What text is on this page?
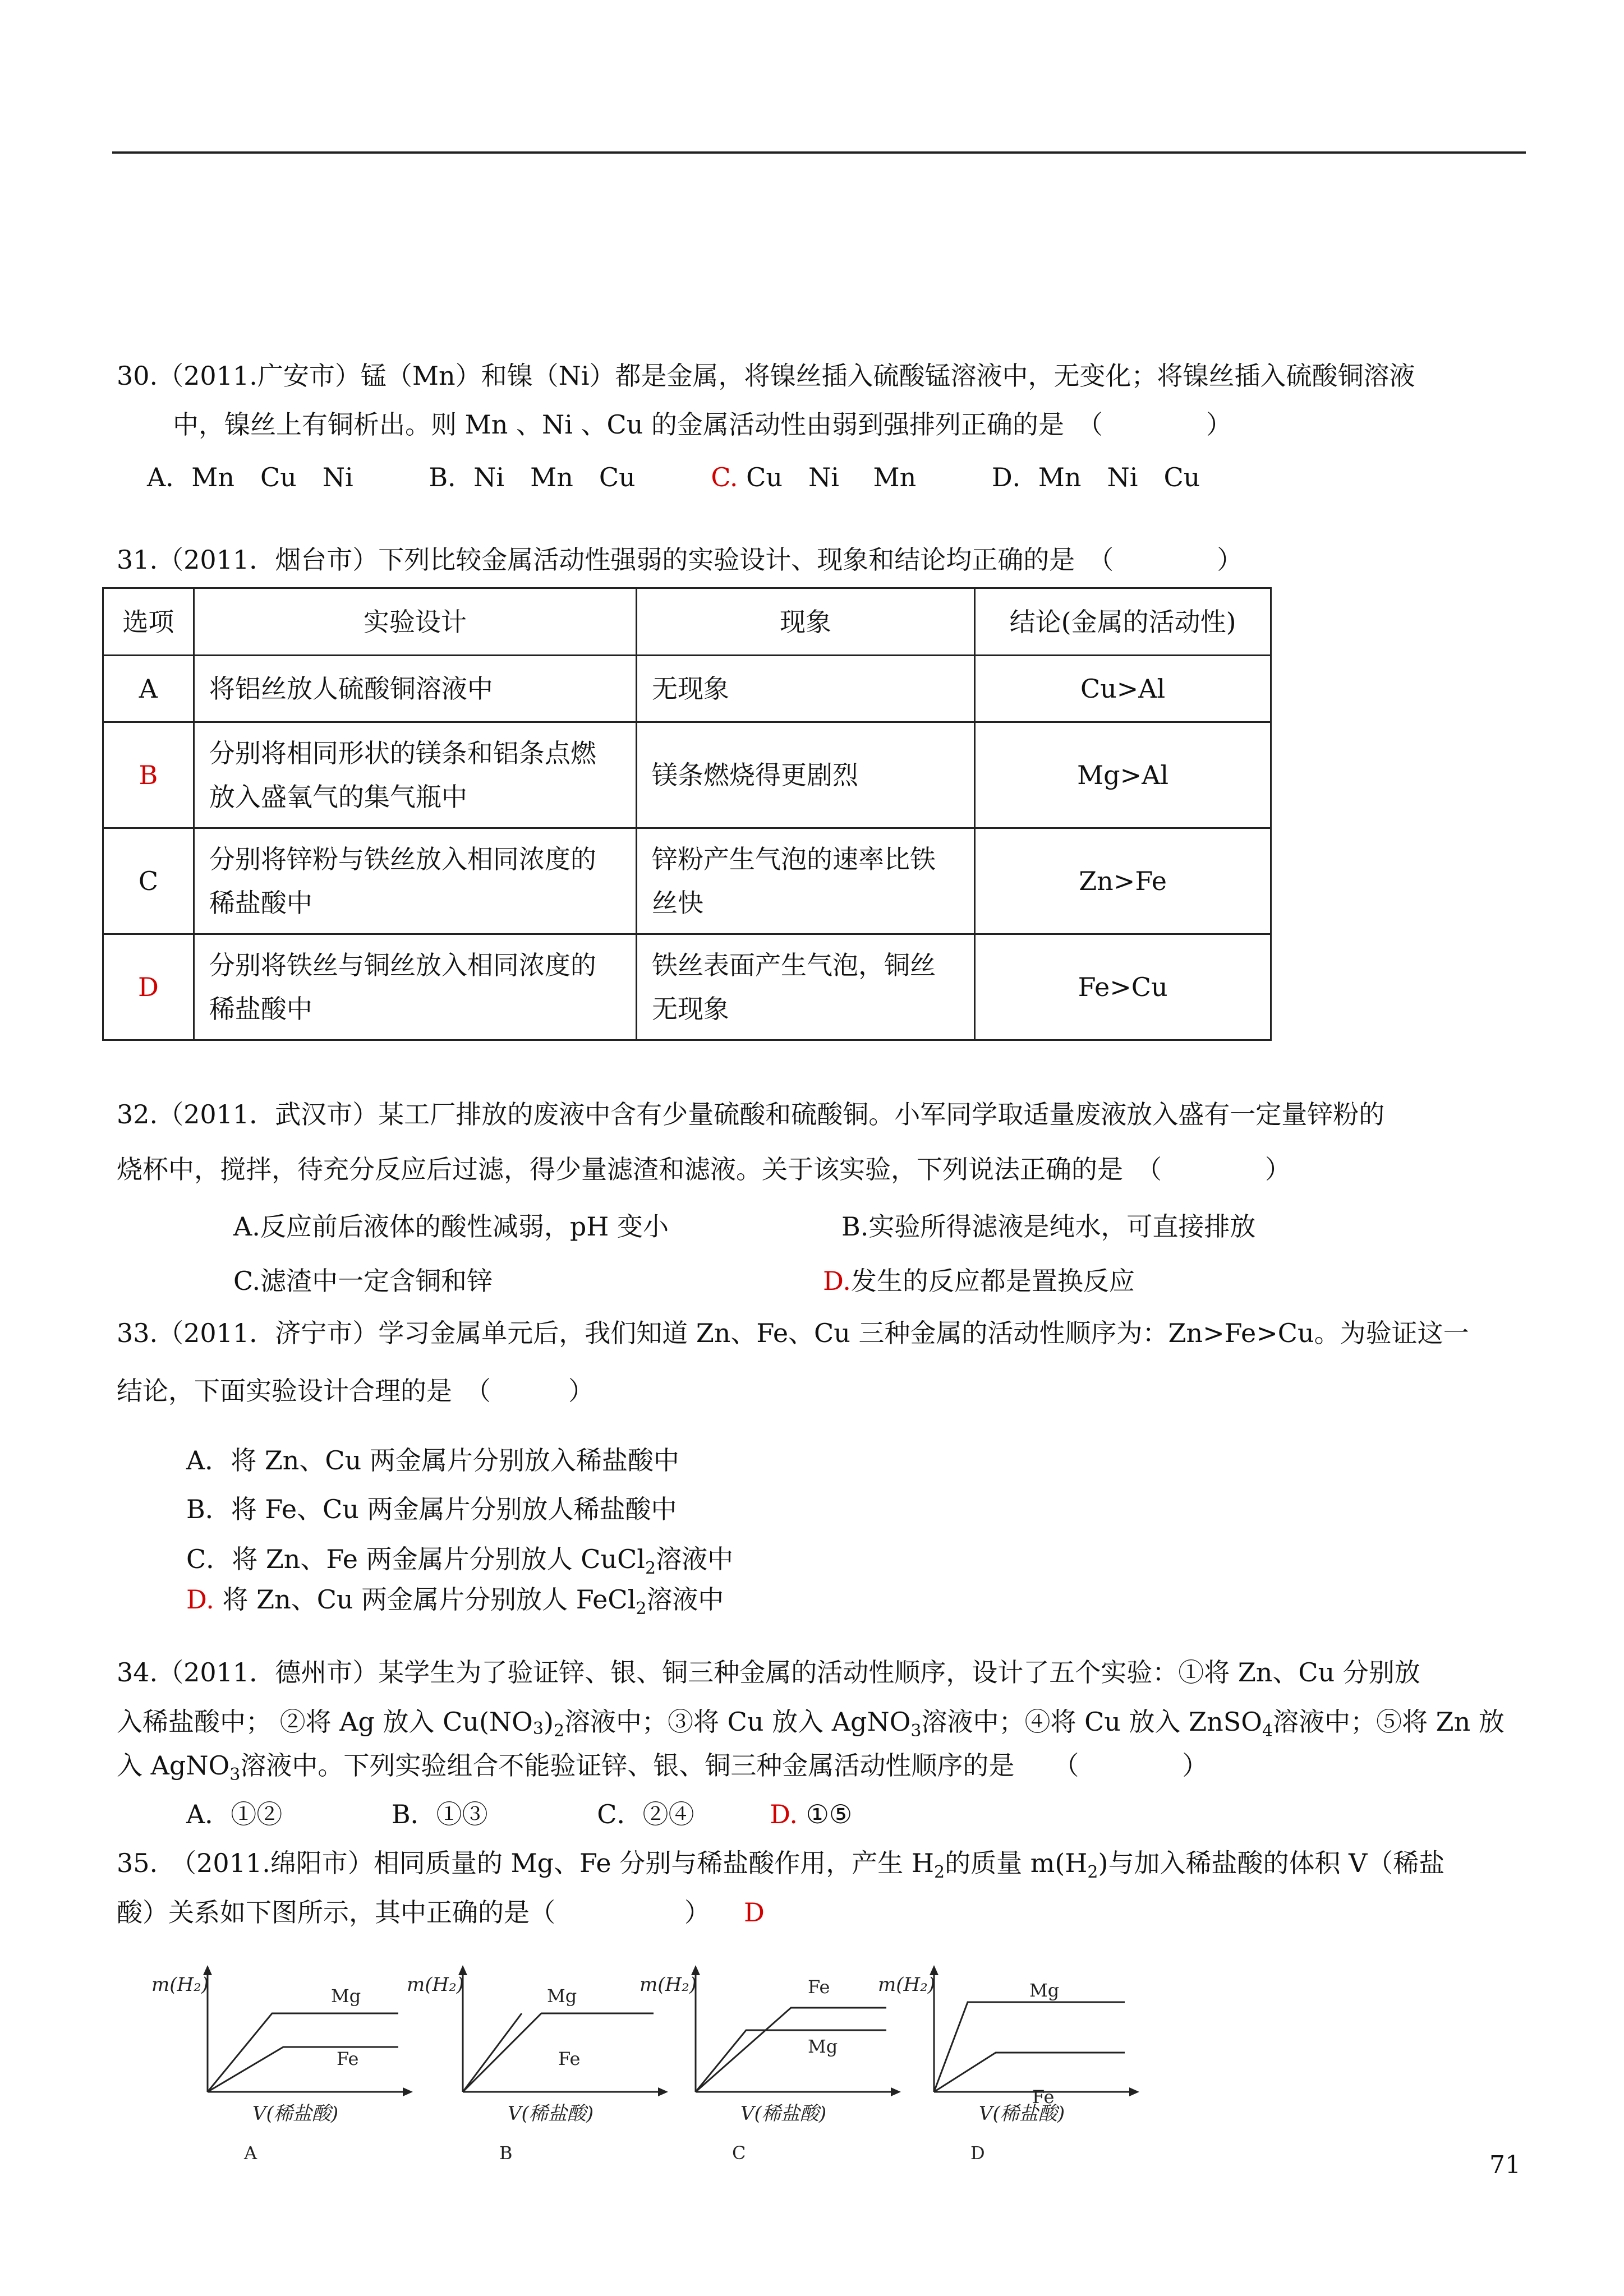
30.（2011.广安市）锰（Mn）和镍（Ni）都是金属，将镍丝插入硫酸锰溶液中，无变化；将镍丝插入硫酸铜溶液
中，镍丝上有铜析出。则 Mn 、Ni 、Cu 的金属活动性由弱到强排列正确的是　（　　　　）
A．Mn　Cu　Ni	B．Ni　Mn　Cu	C. Cu　Ni　 Mn	D．Mn　Ni　Cu
31.（2011．烟台市）下列比较金属活动性强弱的实验设计、现象和结论均正确的是　（　　　　）
选项	实验设计	现象	结论(金属的活动性)
A	将铝丝放人硫酸铜溶液中	无现象	Cu>Al
B	分别将相同形状的镁条和铝条点燃放入盛氧气的集气瓶中	镁条燃烧得更剧烈	Mg>Al
C	分别将锌粉与铁丝放入相同浓度的稀盐酸中	锌粉产生气泡的速率比铁丝快	Zn>Fe
D	分别将铁丝与铜丝放入相同浓度的稀盐酸中	铁丝表面产生气泡，铜丝无现象	Fe>Cu
32.（2011．武汉市）某工厂排放的废液中含有少量硫酸和硫酸铜。小军同学取适量废液放入盛有一定量锌粉的
烧杯中，搅拌，待充分反应后过滤，得少量滤渣和滤液。关于该实验，下列说法正确的是　（　　　　）
A.反应前后液体的酸性减弱，pH 变小	B.实验所得滤液是纯水，可直接排放
C.滤渣中一定含铜和锌	D.发生的反应都是置换反应
33.（2011．济宁市）学习金属单元后，我们知道 Zn、Fe、Cu 三种金属的活动性顺序为：Zn>Fe>Cu。为验证这一
结论，下面实验设计合理的是　（　　　）
A．将 Zn、Cu 两金属片分别放入稀盐酸中
B．将 Fe、Cu 两金属片分别放人稀盐酸中
C．将 Zn、Fe 两金属片分别放人 CuCl$_2$溶液中
D. 将 Zn、Cu 两金属片分别放人 FeCl$_2$溶液中
34.（2011．德州市）某学生为了验证锌、银、铜三种金属的活动性顺序，设计了五个实验：①将 Zn、Cu 分别放
入稀盐酸中； ②将 Ag 放入 $Cu(NO3)_2$溶液中；③将 Cu 放入 AgNO$_3$溶液中；④将 Cu 放入 ZnSO$_4$溶液中；⑤将 Zn 放
入 AgNO$_3$溶液中。下列实验组合不能验证锌、银、铜三种金属活动性顺序的是　　（　　　　）
A．①②	B．①③	C．②④	D. ①⑤
35.　（2011.绵阳市）相同质量的 Mg、Fe 分别与稀盐酸作用，产生 $H_2$的质量 $m(H_2)$与加入稀盐酸的体积 V（稀盐
酸）关系如下图所示，其中正确的是（　　　　　） D
Mg
Fe
m(H₂)
V(稀盐酸)
A
Mg
Fe
m(H₂)
V(稀盐酸)
B
Fe
Mg
m(H₂)
V(稀盐酸)
C
Mg
Fe
m(H₂)
V(稀盐酸)
D	71
